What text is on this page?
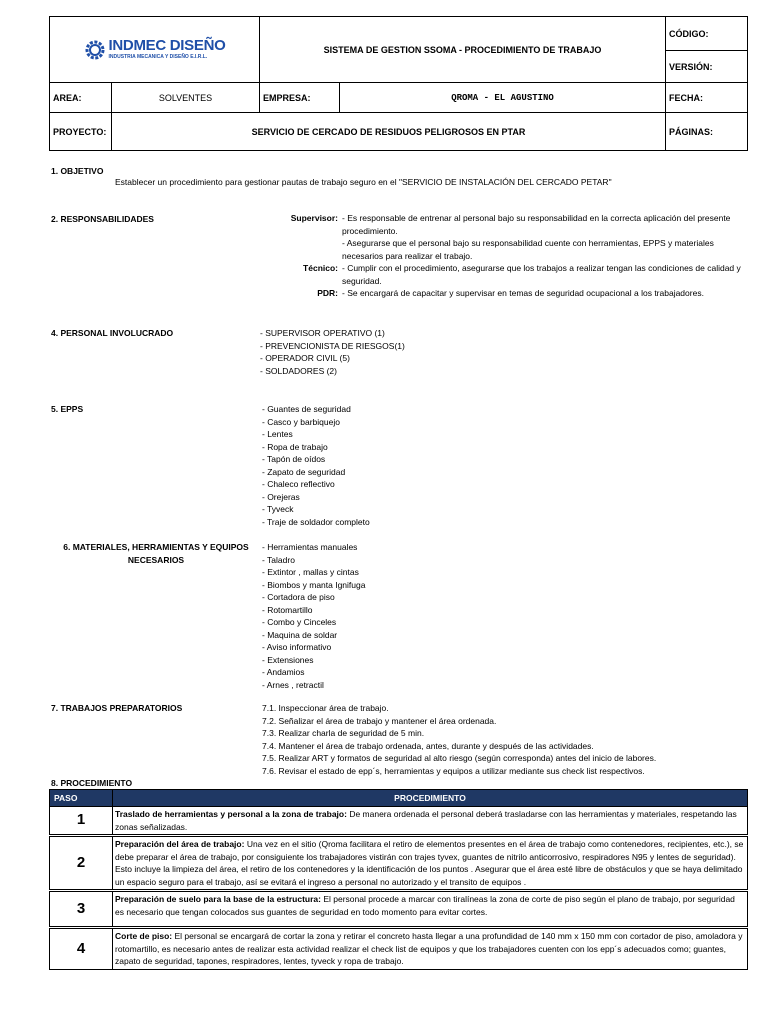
INDMEC DISEÑO
INDUSTRIA MECANICA Y DISEÑO E.I.R.L.		SISTEMA DE GESTION SSOMA - PROCEDIMIENTO DE TRABAJO		CÓDIGO:
				VERSIÓN:
AREA:	SOLVENTES	EMPRESA:	QROMA - EL AGUSTINO	FECHA:
PROYECTO:	SERVICIO DE CERCADO DE RESIDUOS PELIGROSOS EN PTAR			PÁGINAS:
1. OBJETIVO
Establecer un procedimiento para gestionar pautas de trabajo seguro en el "SERVICIO DE INSTALACIÓN DEL CERCADO PETAR"
2. RESPONSABILIDADES	Supervisor: - Es responsable de entrenar al personal bajo su responsabilidad en la correcta aplicación del presente procedimiento.
- Asegurarse que el personal bajo su responsabilidad cuente con herramientas, EPPS y materiales necesarios para realizar el trabajo.
Técnico: - Cumplir con el procedimiento, asegurarse que los trabajos a realizar tengan las condiciones de calidad y seguridad.
PDR: - Se encargará de capacitar y supervisar en temas de seguridad ocupacional a los trabajadores.
4. PERSONAL INVOLUCRADO	- SUPERVISOR OPERATIVO (1)
- PREVENCIONISTA DE RIESGOS(1)
- OPERADOR CIVIL (5)
- SOLDADORES (2)
5. EPPS	- Guantes de seguridad
- Casco y barbiquejo
- Lentes
- Ropa de trabajo
- Tapón de oídos
- Zapato de seguridad
- Chaleco reflectivo
- Orejeras
- Tyveck
- Traje de soldador completo
6. MATERIALES, HERRAMIENTAS Y EQUIPOS
NECESARIOS
- Herramientas manuales
- Taladro
- Extintor , mallas y cintas
- Biombos y manta Ignifuga
- Cortadora de piso
- Rotomartillo
- Combo y Cinceles
- Maquina de soldar
- Aviso informativo
- Extensiones
- Andamios
- Arnes , retractil
7. TRABAJOS PREPARATORIOS	7.1. Inspeccionar área de trabajo.
7.2. Señalizar el área de trabajo y mantener el área ordenada.
7.3. Realizar charla de seguridad de 5 min.
7.4. Mantener el área de trabajo ordenada, antes, durante y después de las actividades.
7.5. Realizar ART y formatos de seguridad al alto riesgo (según corresponda) antes del inicio de labores.
7.6. Revisar el estado de epp´s, herramientas y equipos a utilizar mediante sus check list respectivos.
8. PROCEDIMIENTO
PASO	PROCEDIMIENTO
1	Traslado de herramientas y personal a la zona de trabajo: De manera ordenada el personal deberá trasladarse con las herramientas y materiales, respetando las zonas señalizadas.
2	Preparación del área de trabajo: Una vez en el sitio (Qroma facilitara el retiro de elementos presentes en el área de trabajo como contenedores, recipientes, etc.), se debe preparar el área de trabajo, por consiguiente los trabajadores vistirán con trajes tyvex, guantes de nitrilo anticorrosivo, respiradores N95 y lentes de seguridad). Esto incluye la limpieza del área, el retiro de los contenedores y la identificación de los puntos . Asegurar que el área esté libre de obstáculos y que se haya delimitado un espacio seguro para el trabajo, así se evitará el ingreso a personal no autorizado y el transito de equipos .
3	Preparación de suelo para la base de la estructura: El personal procede a marcar con tiralíneas la zona de corte de piso según el plano de trabajo, por seguridad es necesario que tengan colocados sus guantes de seguridad en todo momento para evitar cortes.
4	Corte de piso: El personal se encargará de cortar la zona y retirar el concreto hasta llegar a una profundidad de 140 mm x 150 mm con cortador de piso, amoladora y rotomartillo, es necesario antes de realizar esta actividad realizar el check list de equipos y que los trabajadores cuenten con los epp´s adecuados como; guantes, zapato de seguridad, tapones, respiradores, lentes, tyveck y ropa de trabajo.
